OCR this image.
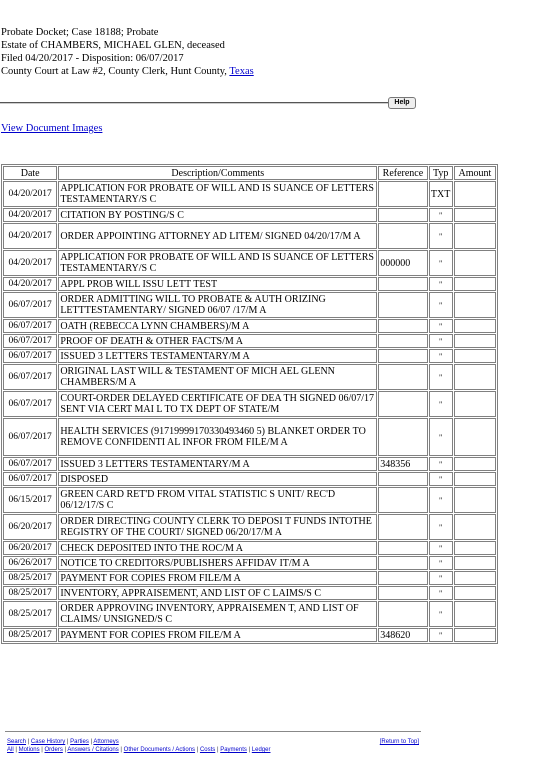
Probate Docket; Case 18188; Probate
Estate of CHAMBERS, MICHAEL GLEN, deceased
Filed 04/20/2017 - Disposition: 06/07/2017
County Court at Law #2, County Clerk, Hunt County, Texas
Help
View Document Images
Date	Description/Comments	Reference	Typ	Amount
04/20/2017	APPLICATION FOR PROBATE OF WILL AND IS SUANCE OF LETTERS TESTAMENTARY/S C		TXT	
04/20/2017	CITATION BY POSTING/S C		"	
04/20/2017	ORDER APPOINTING ATTORNEY AD LITEM/ SIGNED 04/20/17/M A		"	
04/20/2017	APPLICATION FOR PROBATE OF WILL AND IS SUANCE OF LETTERS TESTAMENTARY/S C	000000	"	
04/20/2017	APPL PROB WILL ISSU LETT TEST		"	
06/07/2017	ORDER ADMITTING WILL TO PROBATE & AUTH ORIZING LETTTESTAMENTARY/ SIGNED 06/07 /17/M A		"	
06/07/2017	OATH (REBECCA LYNN CHAMBERS)/M A		"	
06/07/2017	PROOF OF DEATH & OTHER FACTS/M A		"	
06/07/2017	ISSUED 3 LETTERS TESTAMENTARY/M A		"	
06/07/2017	ORIGINAL LAST WILL & TESTAMENT OF MICH AEL GLENN CHAMBERS/M A		"	
06/07/2017	COURT-ORDER DELAYED CERTIFICATE OF DEA TH SIGNED 06/07/17 SENT VIA CERT MAI L TO TX DEPT OF STATE/M		"	
06/07/2017	HEALTH SERVICES (91719999170330493460 5) BLANKET ORDER TO REMOVE CONFIDENTI AL INFOR FROM FILE/M A		"	
06/07/2017	ISSUED 3 LETTERS TESTAMENTARY/M A	348356	"	
06/07/2017	DISPOSED		"	
06/15/2017	GREEN CARD RET'D FROM VITAL STATISTIC S UNIT/ REC'D 06/12/17/S C		"	
06/20/2017	ORDER DIRECTING COUNTY CLERK TO DEPOSI T FUNDS INTOTHE REGISTRY OF THE COURT/ SIGNED 06/20/17/M A		"	
06/20/2017	CHECK DEPOSITED INTO THE ROC/M A		"	
06/26/2017	NOTICE TO CREDITORS/PUBLISHERS AFFIDAV IT/M A		"	
08/25/2017	PAYMENT FOR COPIES FROM FILE/M A		"	
08/25/2017	INVENTORY, APPRAISEMENT, AND LIST OF C LAIMS/S C		"	
08/25/2017	ORDER APPROVING INVENTORY, APPRAISEMEN T, AND LIST OF CLAIMS/ UNSIGNED/S C		"	
08/25/2017	PAYMENT FOR COPIES FROM FILE/M A	348620	"	
Search | Case History | Parties | Attorneys	[Return to Top]
All | Motions | Orders | Answers / Citations | Other Documents / Actions | Costs | Payments | Ledger
